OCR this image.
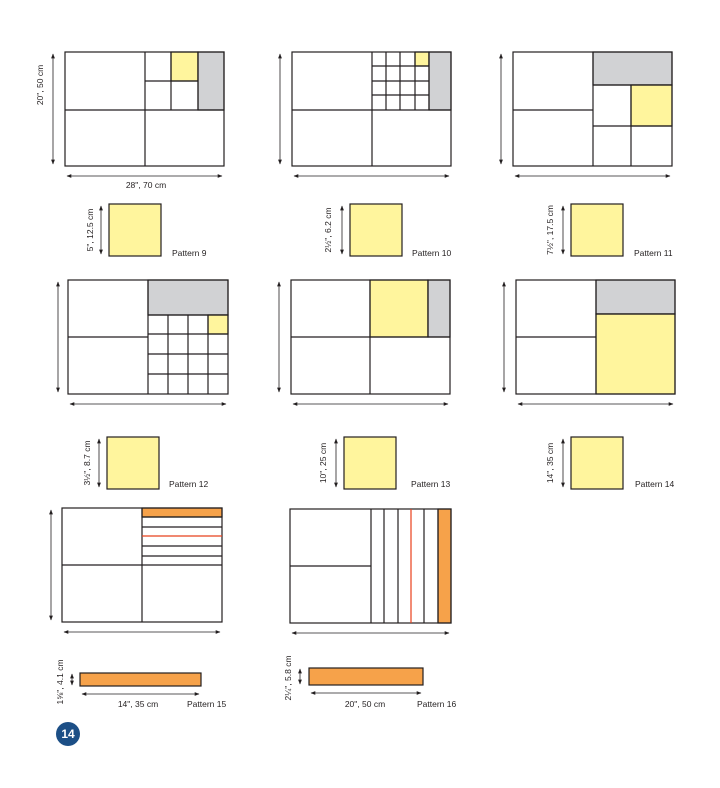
20", 50 cm
28", 70 cm
5", 12.5 cm
Pattern 9
2½", 6.2 cm
Pattern 10	7½", 17.5 cm	Pattern 11
3½", 8.7 cm	Pattern 12
10", 25 cm
Pattern 13
14", 35 cm
Pattern 14
1⅝", 4.1 cm	14", 35 cm	Pattern 15
2¼", 5.8 cm
20", 50 cm	Pattern 16
14
